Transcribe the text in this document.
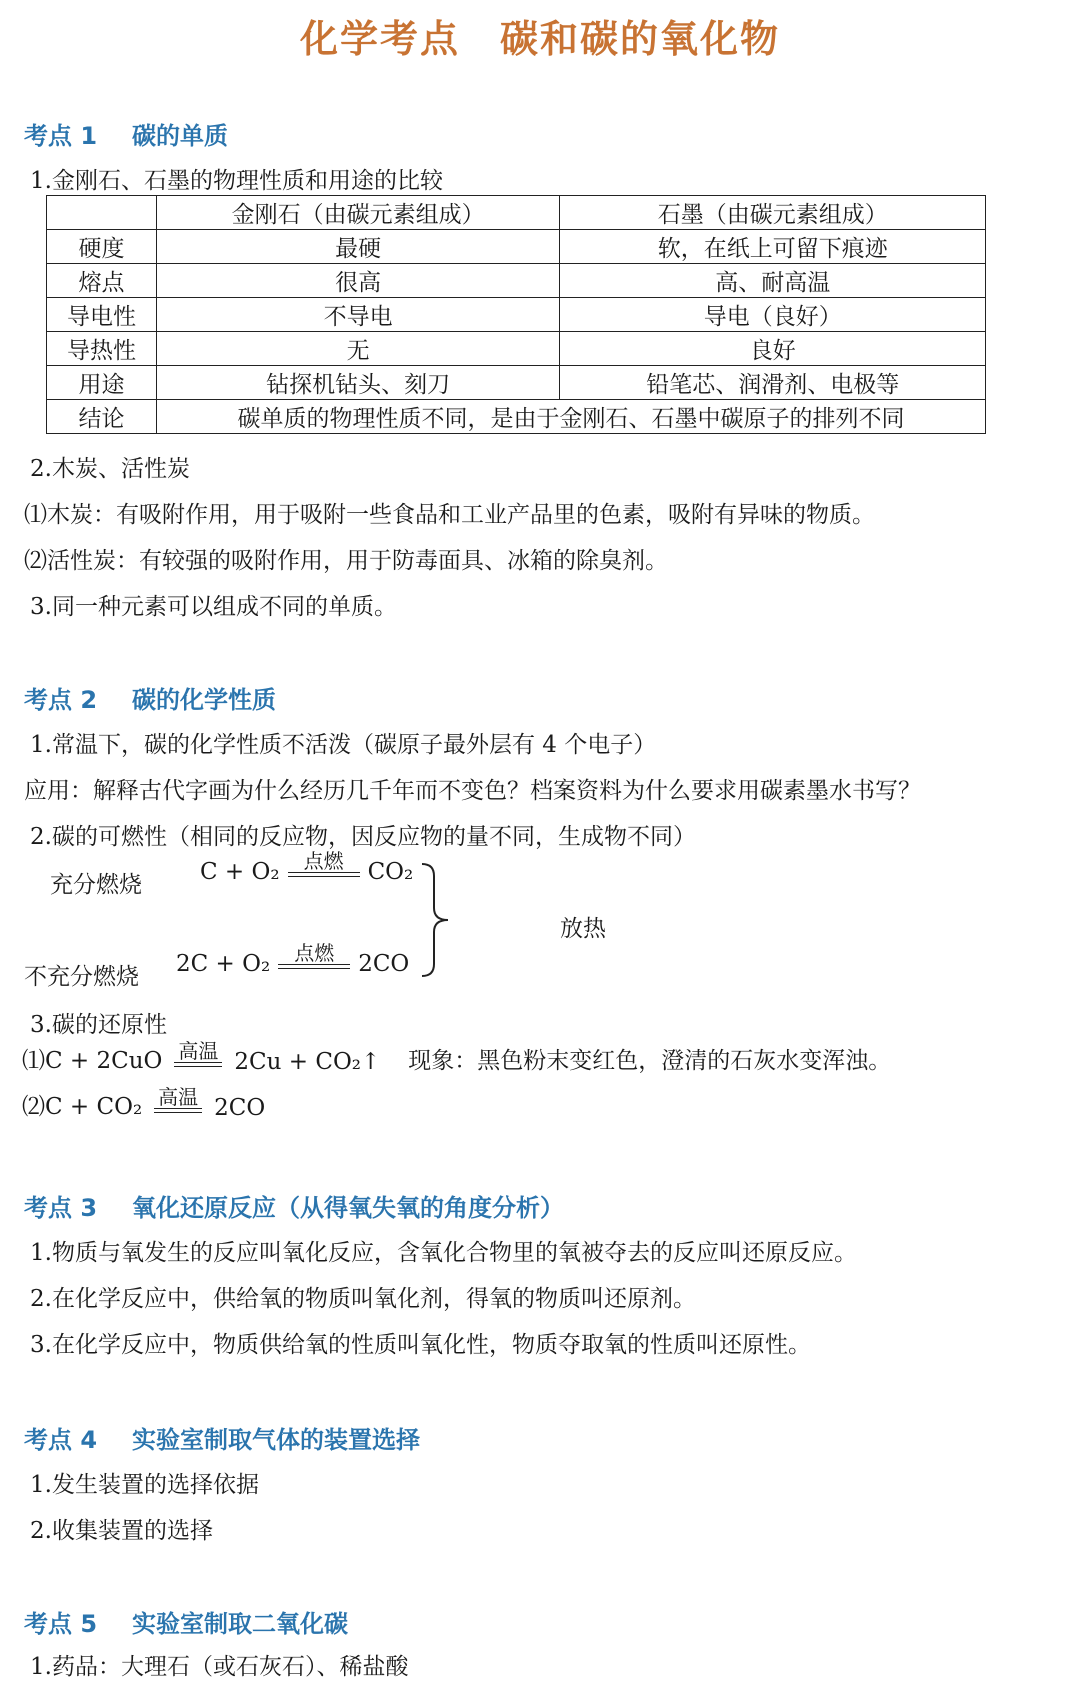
化学考点 碳和碳的氧化物
考点 1 碳的单质
1.金刚石、石墨的物理性质和用途的比较
	金刚石（由碳元素组成）	石墨（由碳元素组成）
硬度	最硬	软，在纸上可留下痕迹
熔点	很高	高、耐高温
导电性	不导电	导电（良好）
导热性	无	良好
用途	钻探机钻头、刻刀	铅笔芯、润滑剂、电极等
结论	碳单质的物理性质不同，是由于金刚石、石墨中碳原子的排列不同	
2.木炭、活性炭
⑴木炭：有吸附作用，用于吸附一些食品和工业产品里的色素，吸附有异味的物质。
⑵活性炭：有较强的吸附作用，用于防毒面具、冰箱的除臭剂。
3.同一种元素可以组成不同的单质。
考点 2 碳的化学性质
1.常温下，碳的化学性质不活泼（碳原子最外层有 4 个电子）
应用：解释古代字画为什么经历几千年而不变色？档案资料为什么要求用碳素墨水书写？
2.碳的可燃性（相同的反应物，因反应物的量不同，生成物不同）
充分燃烧	C + O₂ 点燃 CO₂
放热
不充分燃烧 2C + O₂ 点燃 2CO
3.碳的还原性
⑴C + 2CuO 高温 2Cu + CO₂↑ 现象：黑色粉末变红色，澄清的石灰水变浑浊。
⑵C + CO₂ 高温 2CO
考点 3 氧化还原反应（从得氧失氧的角度分析）
1.物质与氧发生的反应叫氧化反应，含氧化合物里的氧被夺去的反应叫还原反应。
2.在化学反应中，供给氧的物质叫氧化剂，得氧的物质叫还原剂。
3.在化学反应中，物质供给氧的性质叫氧化性，物质夺取氧的性质叫还原性。
考点 4 实验室制取气体的装置选择
1.发生装置的选择依据
2.收集装置的选择
考点 5 实验室制取二氧化碳
1.药品：大理石（或石灰石）、稀盐酸
